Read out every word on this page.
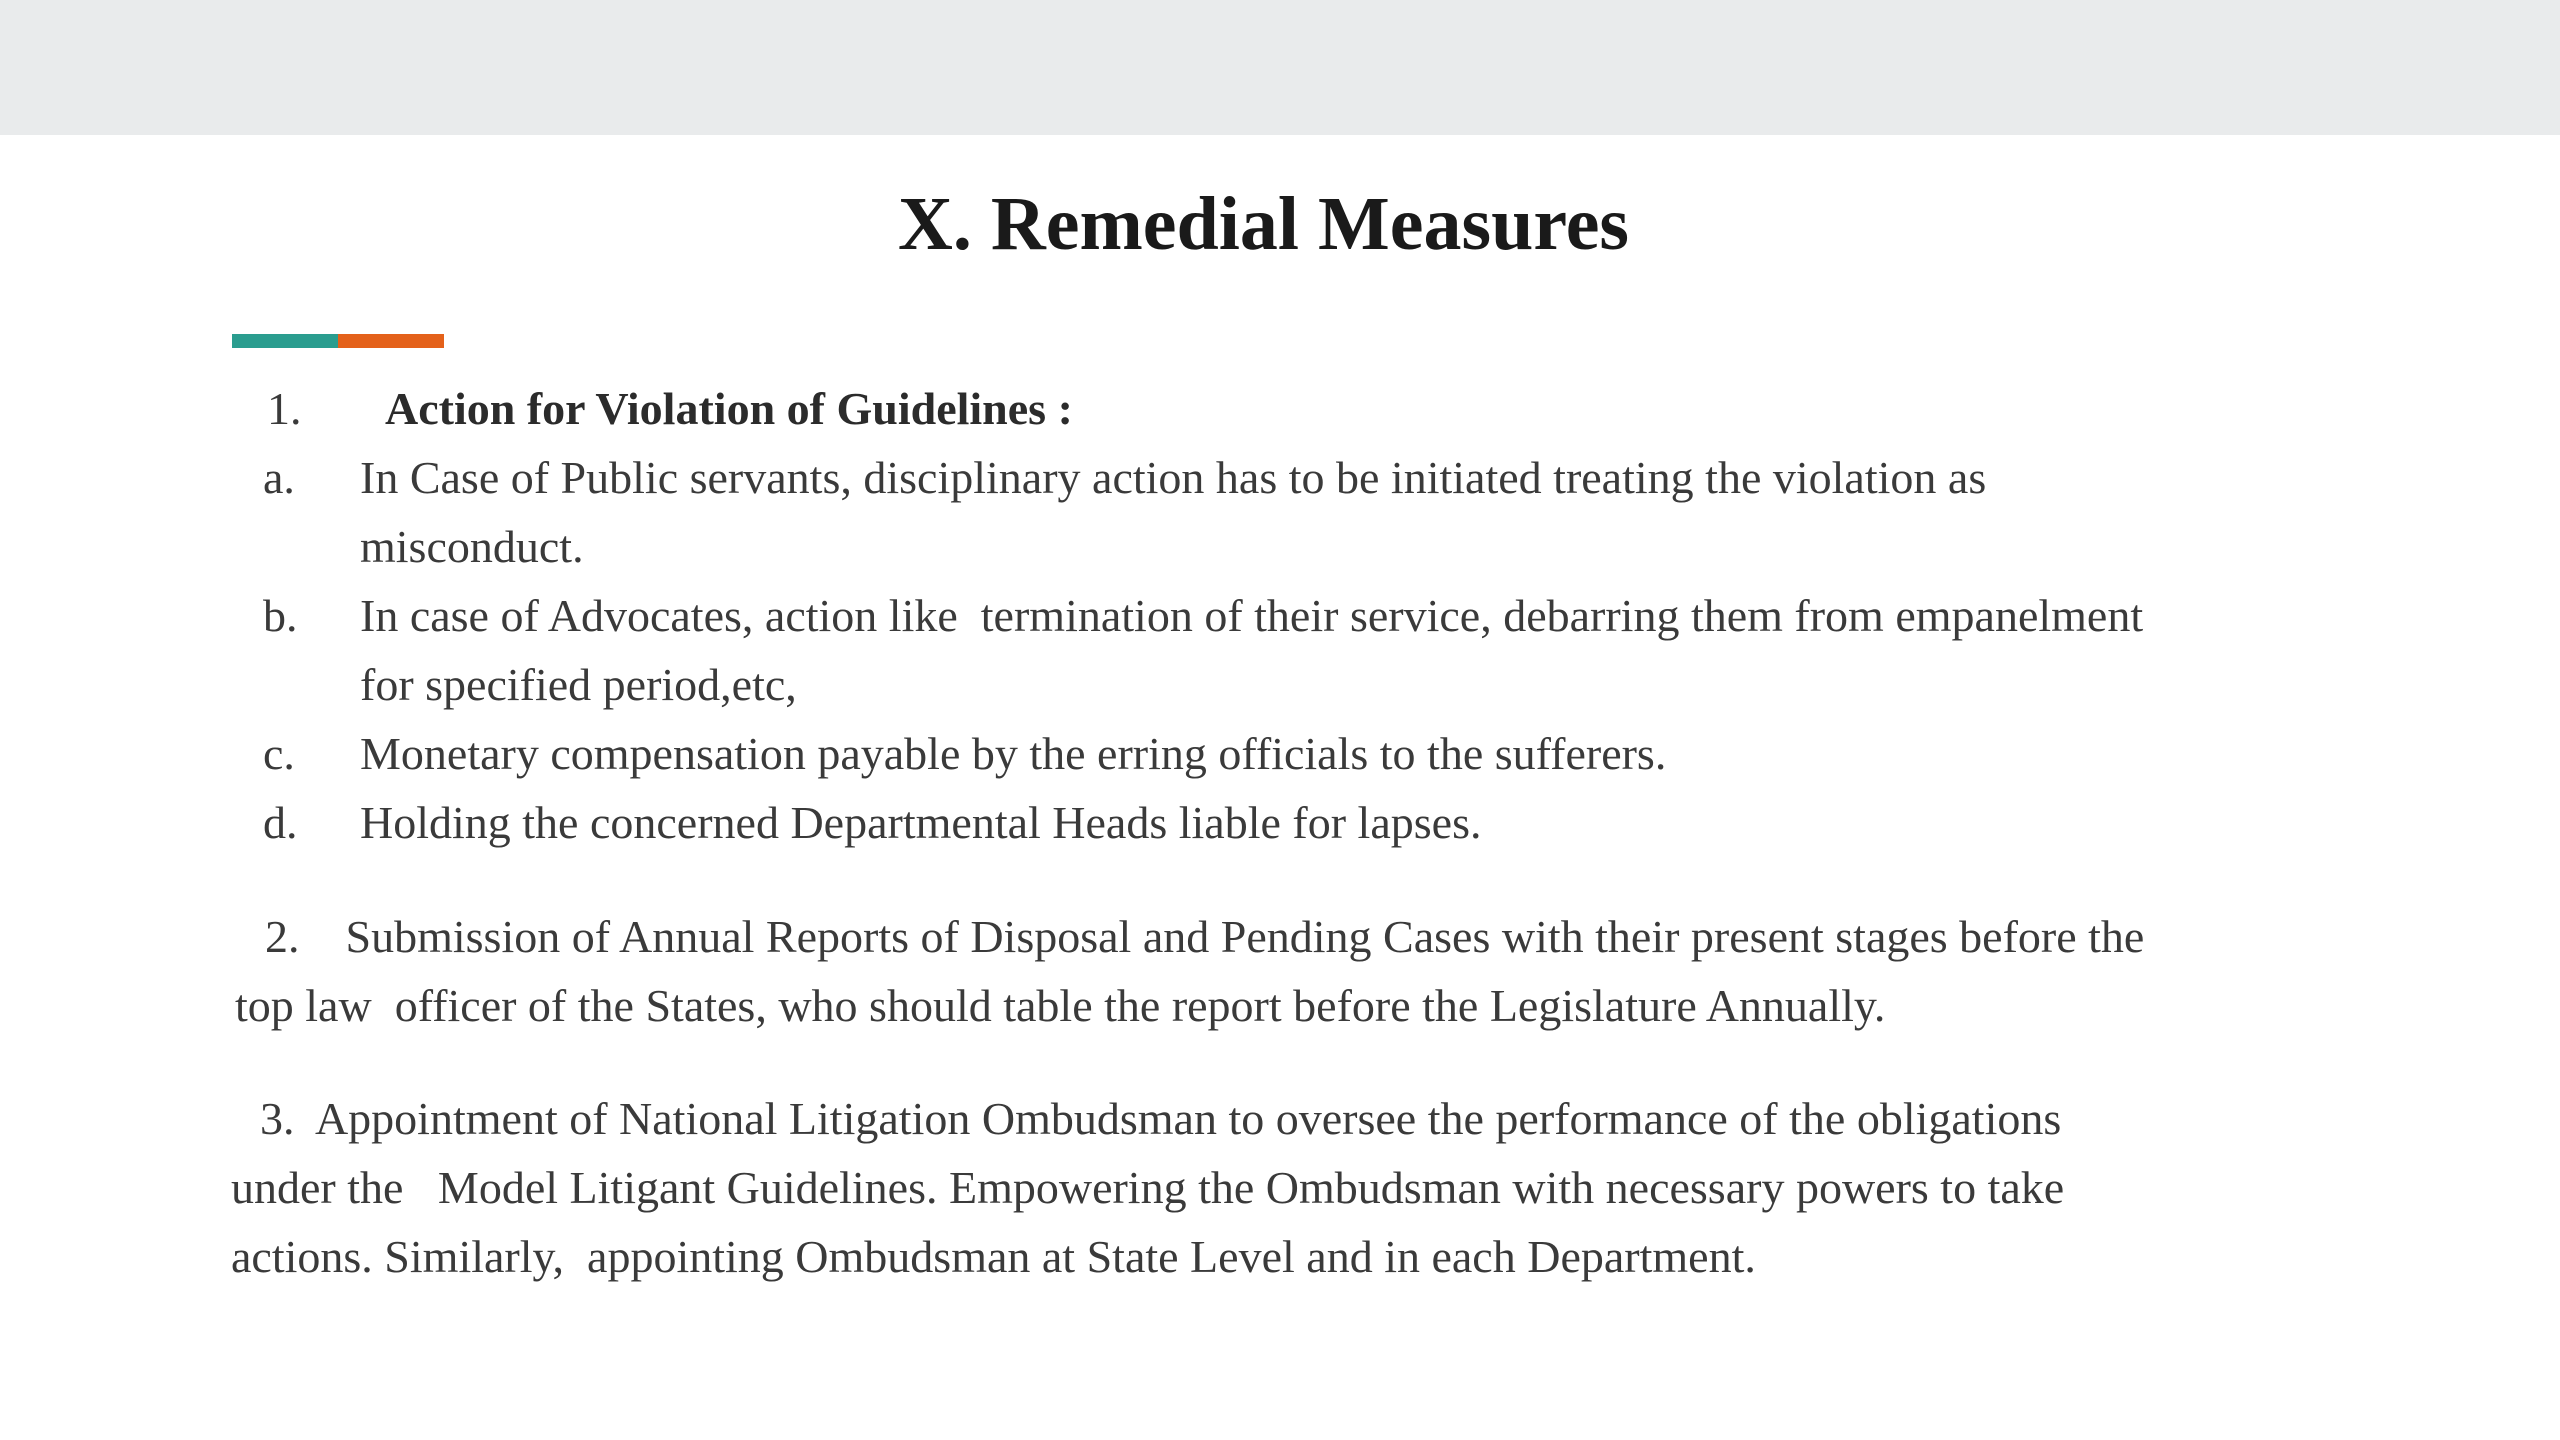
X. Remedial Measures
1.	Action for Violation of Guidelines :
a.	In Case of Public servants, disciplinary action has to be initiated treating the violation as
misconduct.
b.	In case of Advocates, action like  termination of their service, debarring them from empanelment
for specified period,etc,
c.	Monetary compensation payable by the erring officials to the sufferers.
d.	Holding the concerned Departmental Heads liable for lapses.
2.    Submission of Annual Reports of Disposal and Pending Cases with their present stages before the
top law  officer of the States, who should table the report before the Legislature Annually.
3.  Appointment of National Litigation Ombudsman to oversee the performance of the obligations
under the   Model Litigant Guidelines. Empowering the Ombudsman with necessary powers to take
actions. Similarly,  appointing Ombudsman at State Level and in each Department.
